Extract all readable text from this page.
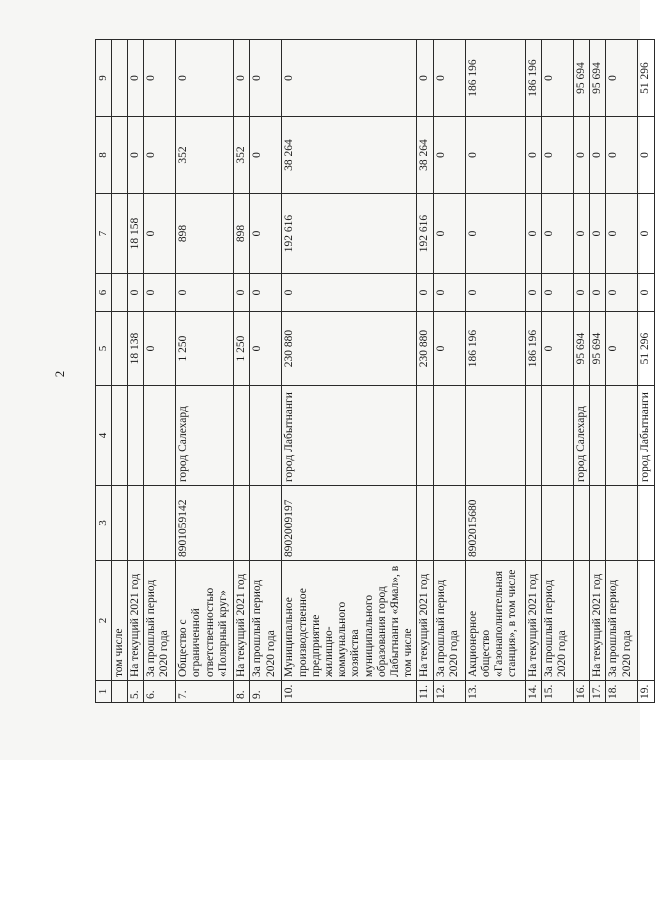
2
1	2	3	4	5	6	7	8	9
	том числе							
5.	На текущий 2021 год			18 138	0	18 158	0	0
6.	За прошлый период 2020 года			0	0	0	0	0
7.	Общество с ограниченной ответственностью «Полярный круг»	8901059142	город Салехард	1 250	0	898	352	0
8.	На текущий 2021 год			1 250	0	898	352	0
9.	За прошлый период 2020 года			0	0	0	0	0
10.	Муниципальное производственное предприятие жилищно-коммунального хозяйства муниципального образования город Лабытнанги «Ямал», в том числе	8902009197	город Лабытнанги	230 880	0	192 616	38 264	0
11.	На текущий 2021 год			230 880	0	192 616	38 264	0
12.	За прошлый период 2020 года			0	0	0	0	0
13.	Акционерное общество «Газонаполнительная станция», в том числе	8902015680		186 196	0	0	0	186 196
14.	На текущий 2021 год			186 196	0	0	0	186 196
15.	За прошлый период 2020 года			0	0	0	0	0
16.			город Салехард	95 694	0	0	0	95 694
17.	На текущий 2021 год			95 694	0	0	0	95 694
18.	За прошлый период 2020 года			0	0	0	0	0
19.			город Лабытнанги	51 296	0	0	0	51 296
